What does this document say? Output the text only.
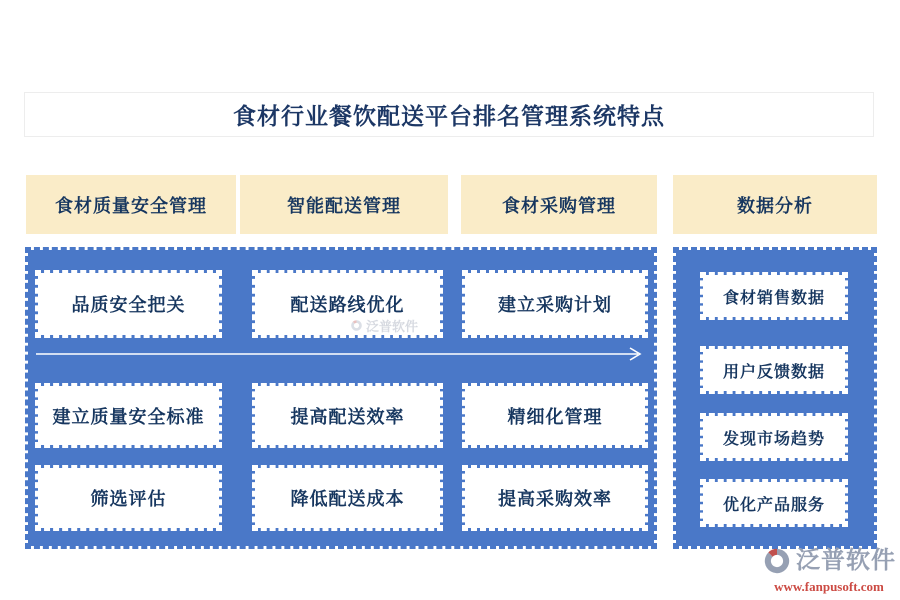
食材行业餐饮配送平台排名管理系统特点
食材质量安全管理	智能配送管理	食材采购管理	数据分析
品质安全把关	配送路线优化	建立采购计划
建立质量安全标准	提高配送效率	精细化管理
筛选评估	降低配送成本	提高采购效率
食材销售数据
用户反馈数据
发现市场趋势
优化产品服务
泛普软件
泛普软件
www.fanpusoft.com
